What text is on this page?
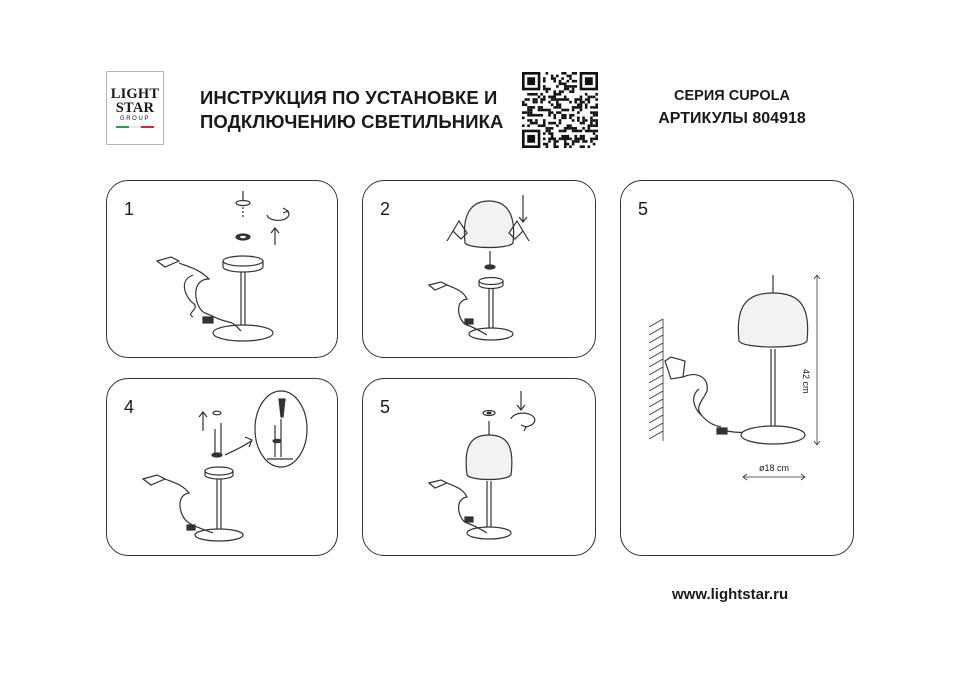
LIGHT
STAR
GROUP
ИНСТРУКЦИЯ ПО УСТАНОВКЕ И
ПОДКЛЮЧЕНИЮ СВЕТИЛЬНИКА
СЕРИЯ CUPOLA
АРТИКУЛЫ 804918
1	2	5
42 cm
ø18 cm
4	5
www.lightstar.ru
